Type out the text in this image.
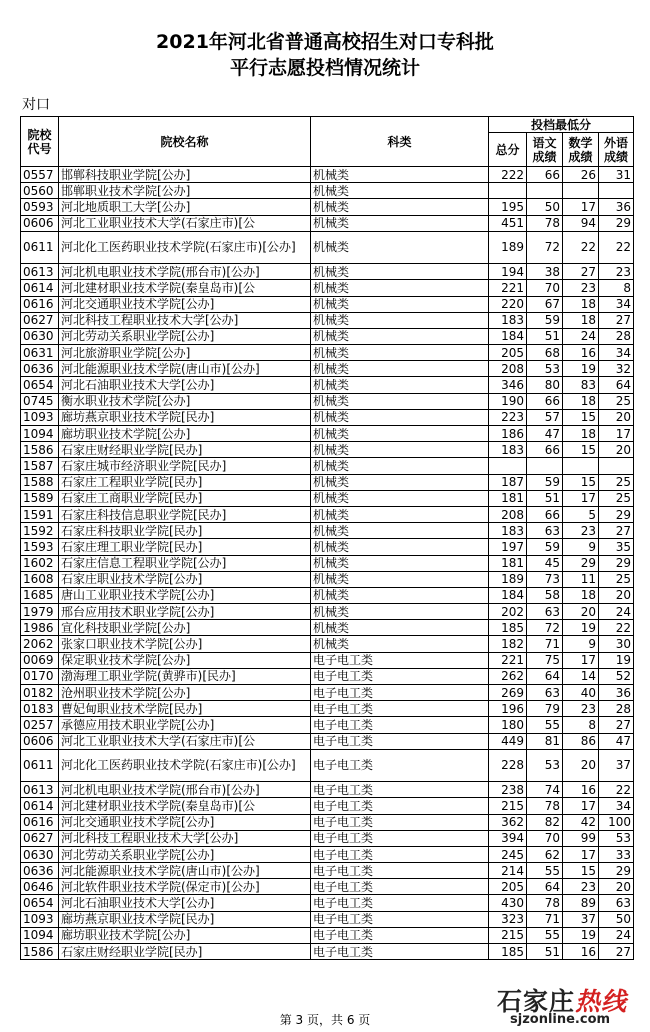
2021年河北省普通高校招生对口专科批
平行志愿投档情况统计
对口
院校代号	院校名称	科类	投档最低分			
			总分	语文成绩	数学成绩	外语成绩
0557	邯郸科技职业学院[公办]	机械类	222	66	26	31
0560	邯郸职业技术学院[公办]	机械类				
0593	河北地质职工大学[公办]	机械类	195	50	17	36
0606	河北工业职业技术大学(石家庄市)[公	机械类	451	78	94	29
0611	河北化工医药职业技术学院(石家庄市)[公办]	机械类	189	72	22	22
0613	河北机电职业技术学院(邢台市)[公办]	机械类	194	38	27	23
0614	河北建材职业技术学院(秦皇岛市)[公	机械类	221	70	23	8
0616	河北交通职业技术学院[公办]	机械类	220	67	18	34
0627	河北科技工程职业技术大学[公办]	机械类	183	59	18	27
0630	河北劳动关系职业学院[公办]	机械类	184	51	24	28
0631	河北旅游职业学院[公办]	机械类	205	68	16	34
0636	河北能源职业技术学院(唐山市)[公办]	机械类	208	53	19	32
0654	河北石油职业技术大学[公办]	机械类	346	80	83	64
0745	衡水职业技术学院[公办]	机械类	190	66	18	25
1093	廊坊燕京职业技术学院[民办]	机械类	223	57	15	20
1094	廊坊职业技术学院[公办]	机械类	186	47	18	17
1586	石家庄财经职业学院[民办]	机械类	183	66	15	20
1587	石家庄城市经济职业学院[民办]	机械类				
1588	石家庄工程职业学院[民办]	机械类	187	59	15	25
1589	石家庄工商职业学院[民办]	机械类	181	51	17	25
1591	石家庄科技信息职业学院[民办]	机械类	208	66	5	29
1592	石家庄科技职业学院[民办]	机械类	183	63	23	27
1593	石家庄理工职业学院[民办]	机械类	197	59	9	35
1602	石家庄信息工程职业学院[公办]	机械类	181	45	29	29
1608	石家庄职业技术学院[公办]	机械类	189	73	11	25
1685	唐山工业职业技术学院[公办]	机械类	184	58	18	20
1979	邢台应用技术职业学院[公办]	机械类	202	63	20	24
1986	宣化科技职业学院[公办]	机械类	185	72	19	22
2062	张家口职业技术学院[公办]	机械类	182	71	9	30
0069	保定职业技术学院[公办]	电子电工类	221	75	17	19
0170	渤海理工职业学院(黄骅市)[民办]	电子电工类	262	64	14	52
0182	沧州职业技术学院[公办]	电子电工类	269	63	40	36
0183	曹妃甸职业技术学院[民办]	电子电工类	196	79	23	28
0257	承德应用技术职业学院[公办]	电子电工类	180	55	8	27
0606	河北工业职业技术大学(石家庄市)[公	电子电工类	449	81	86	47
0611	河北化工医药职业技术学院(石家庄市)[公办]	电子电工类	228	53	20	37
0613	河北机电职业技术学院(邢台市)[公办]	电子电工类	238	74	16	22
0614	河北建材职业技术学院(秦皇岛市)[公	电子电工类	215	78	17	34
0616	河北交通职业技术学院[公办]	电子电工类	362	82	42	100
0627	河北科技工程职业技术大学[公办]	电子电工类	394	70	99	53
0630	河北劳动关系职业学院[公办]	电子电工类	245	62	17	33
0636	河北能源职业技术学院(唐山市)[公办]	电子电工类	214	55	15	29
0646	河北软件职业技术学院(保定市)[公办]	电子电工类	205	64	23	20
0654	河北石油职业技术大学[公办]	电子电工类	430	78	89	63
1093	廊坊燕京职业技术学院[民办]	电子电工类	323	71	37	50
1094	廊坊职业技术学院[公办]	电子电工类	215	55	19	24
1586	石家庄财经职业学院[民办]	电子电工类	185	51	16	27
第 3 页，共 6 页
石家庄热线
sjzonline.com
